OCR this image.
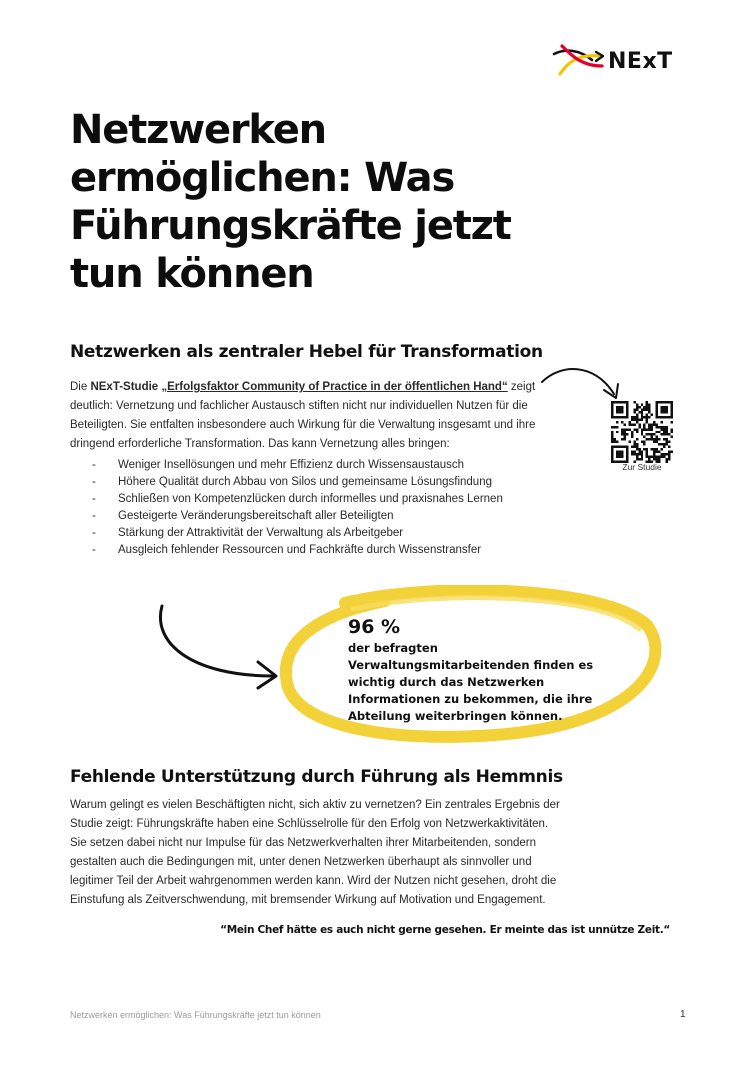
NExT
Netzwerken ermöglichen: Was Führungskräfte jetzt tun können
Netzwerken als zentraler Hebel für Transformation
Die NExT-Studie „Erfolgsfaktor Community of Practice in der öffentlichen Hand“ zeigt deutlich: Vernetzung und fachlicher Austausch stiften nicht nur individuellen Nutzen für die Beteiligten. Sie entfalten insbesondere auch Wirkung für die Verwaltung insgesamt und ihre dringend erforderliche Transformation. Das kann Vernetzung alles bringen:
- Weniger Insellösungen und mehr Effizienz durch Wissensaustausch
- Höhere Qualität durch Abbau von Silos und gemeinsame Lösungsfindung
- Schließen von Kompetenzlücken durch informelles und praxisnahes Lernen
- Gesteigerte Veränderungsbereitschaft aller Beteiligten
- Stärkung der Attraktivität der Verwaltung als Arbeitgeber
- Ausgleich fehlender Ressourcen und Fachkräfte durch Wissenstransfer
Zur Studie
96 %
der befragten Verwaltungsmitarbeitenden finden es wichtig durch das Netzwerken Informationen zu bekommen, die ihre Abteilung weiterbringen können.
Fehlende Unterstützung durch Führung als Hemmnis
Warum gelingt es vielen Beschäftigten nicht, sich aktiv zu vernetzen? Ein zentrales Ergebnis der Studie zeigt: Führungskräfte haben eine Schlüsselrolle für den Erfolg von Netzwerkaktivitäten. Sie setzen dabei nicht nur Impulse für das Netzwerkverhalten ihrer Mitarbeitenden, sondern gestalten auch die Bedingungen mit, unter denen Netzwerken überhaupt als sinnvoller und legitimer Teil der Arbeit wahrgenommen werden kann. Wird der Nutzen nicht gesehen, droht die Einstufung als Zeitverschwendung, mit bremsender Wirkung auf Motivation und Engagement.
“Mein Chef hätte es auch nicht gerne gesehen. Er meinte das ist unnütze Zeit.“
Netzwerken ermöglichen: Was Führungskräfte jetzt tun können	1
